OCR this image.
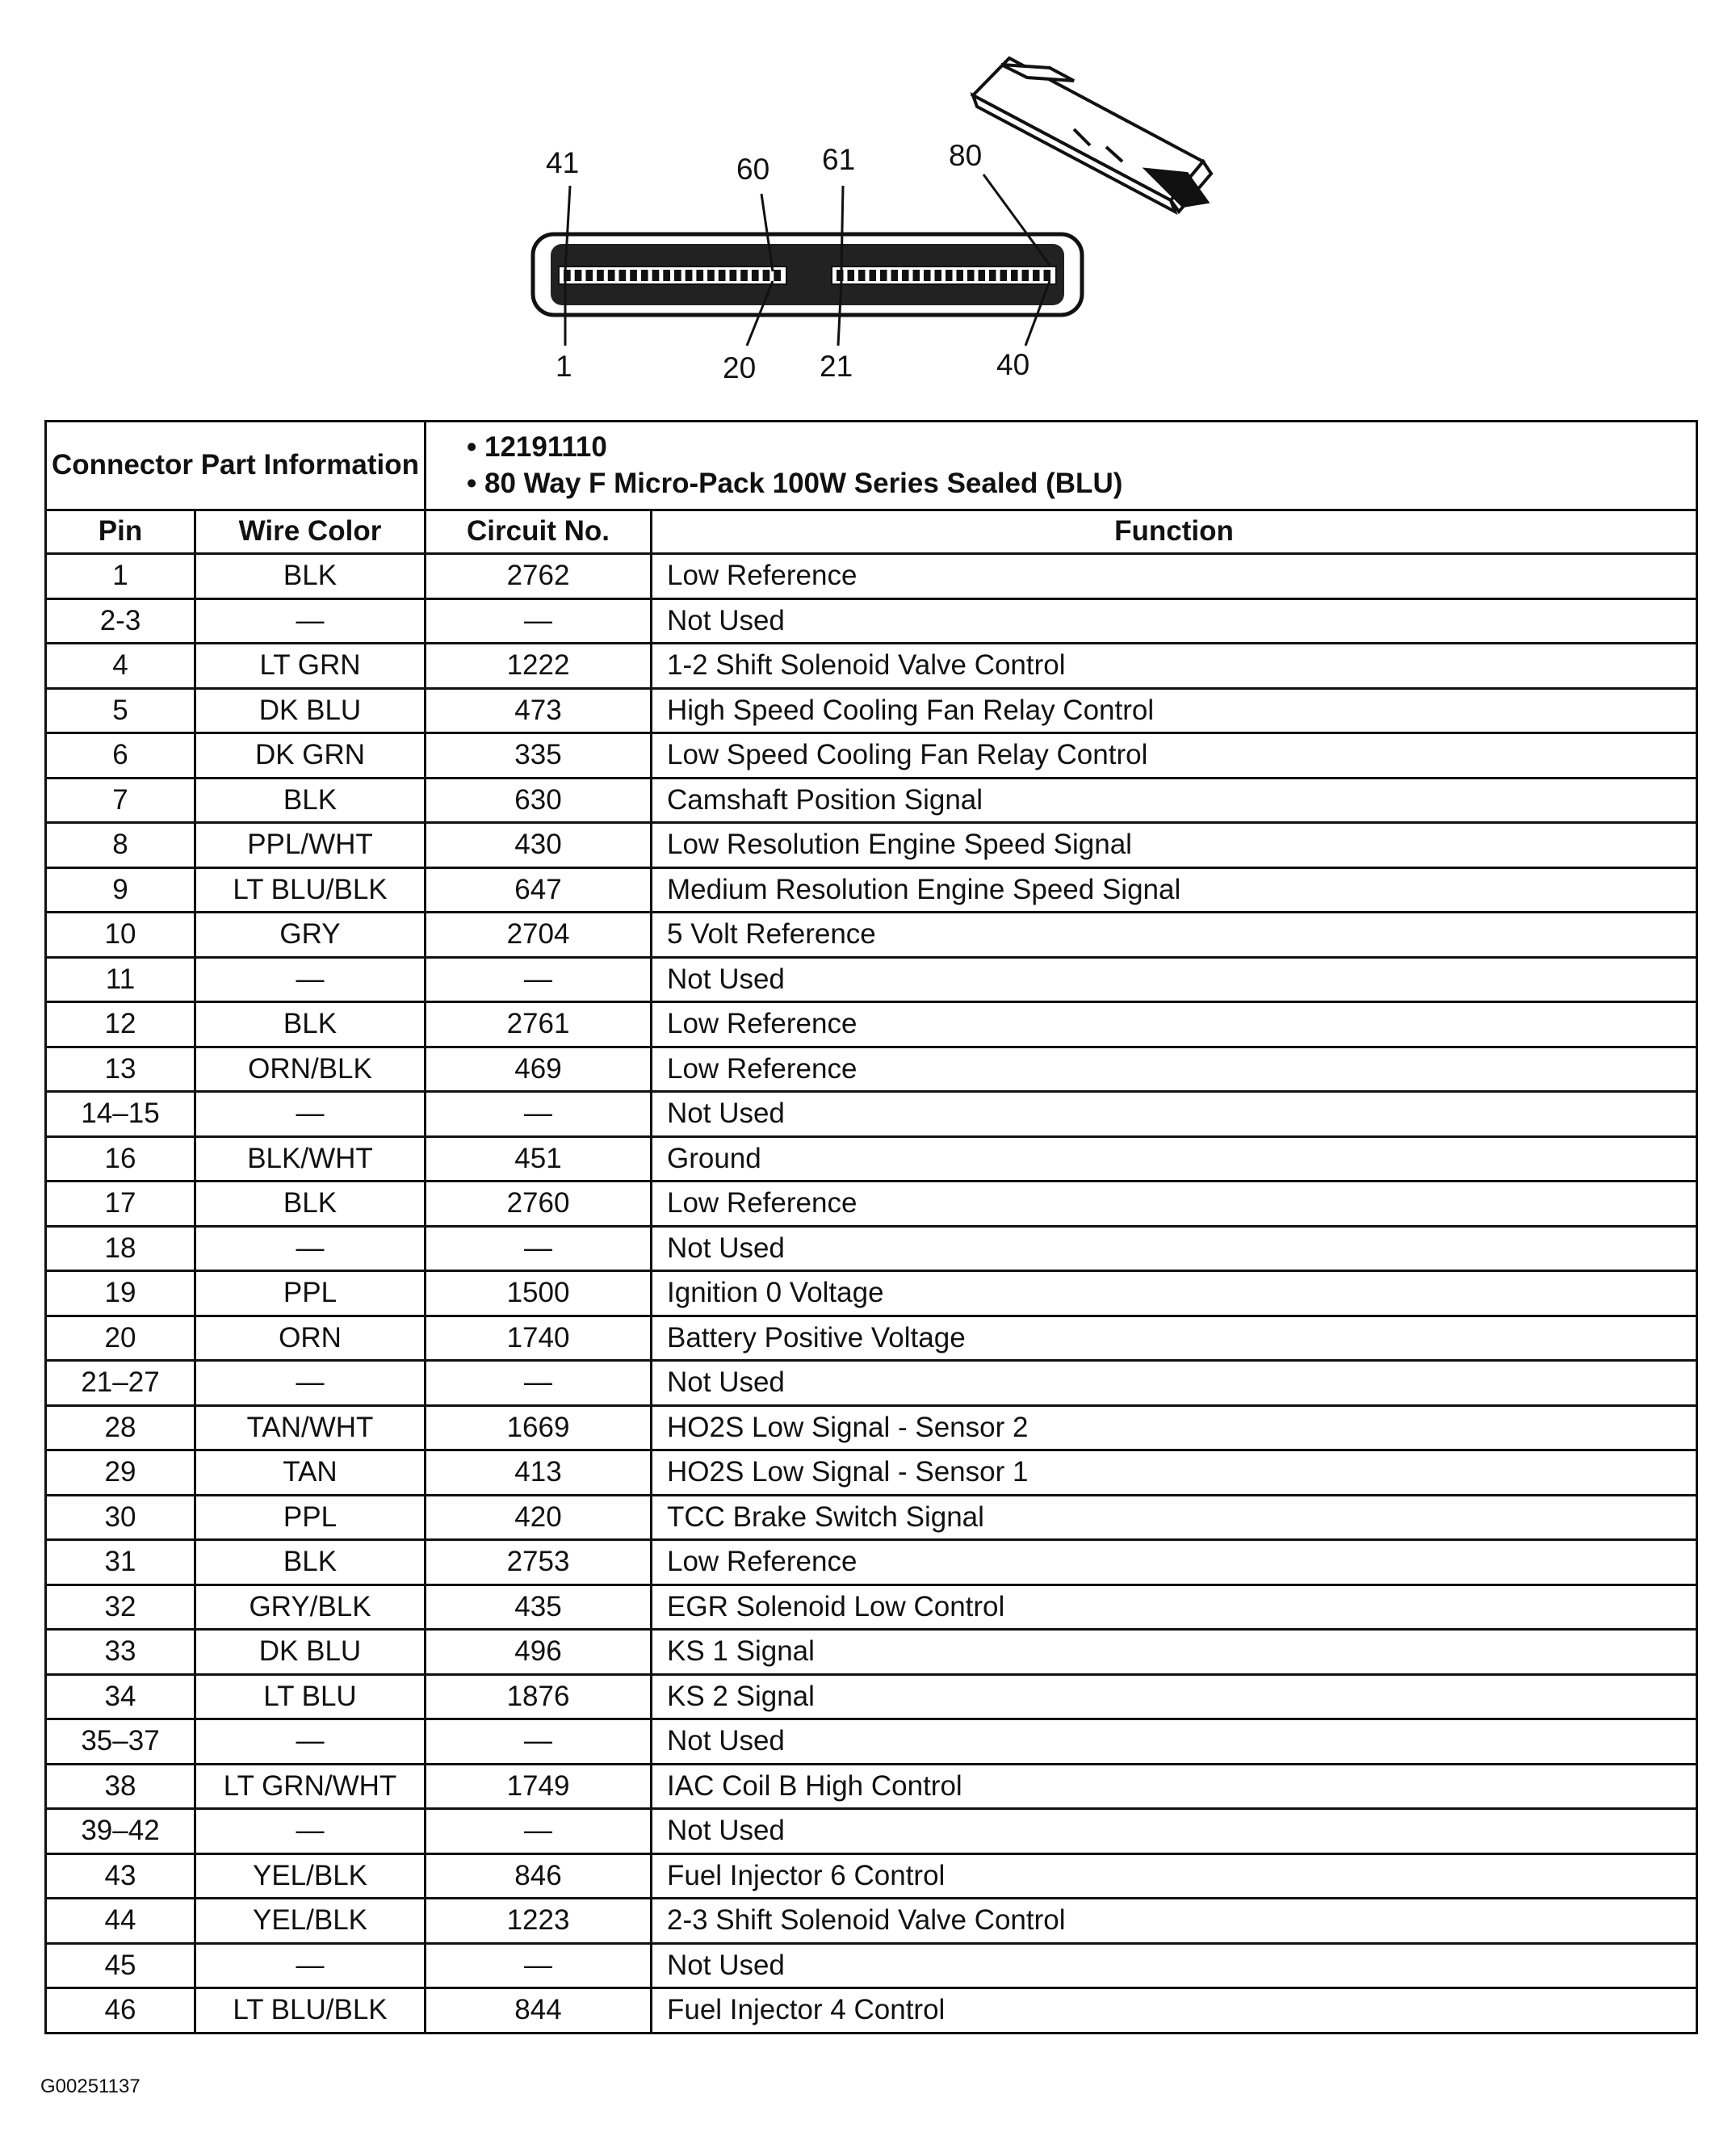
41	60 61	80
1	20 21	40
Connector Part Information		• 12191110
• 80 Way F Micro-Pack 100W Series Sealed (BLU)	

Pin	Wire Color	Circuit No.	Function
1	BLK	2762	Low Reference
2-3	—	—	Not Used
4	LT GRN	1222	1-2 Shift Solenoid Valve Control
5	DK BLU	473	High Speed Cooling Fan Relay Control
6	DK GRN	335	Low Speed Cooling Fan Relay Control
7	BLK	630	Camshaft Position Signal
8	PPL/WHT	430	Low Resolution Engine Speed Signal
9	LT BLU/BLK	647	Medium Resolution Engine Speed Signal
10	GRY	2704	5 Volt Reference
11	—	—	Not Used
12	BLK	2761	Low Reference
13	ORN/BLK	469	Low Reference
14–15	—	—	Not Used
16	BLK/WHT	451	Ground
17	BLK	2760	Low Reference
18	—	—	Not Used
19	PPL	1500	Ignition 0 Voltage
20	ORN	1740	Battery Positive Voltage
21–27	—	—	Not Used
28	TAN/WHT	1669	HO2S Low Signal - Sensor 2
29	TAN	413	HO2S Low Signal - Sensor 1
30	PPL	420	TCC Brake Switch Signal
31	BLK	2753	Low Reference
32	GRY/BLK	435	EGR Solenoid Low Control
33	DK BLU	496	KS 1 Signal
34	LT BLU	1876	KS 2 Signal
35–37	—	—	Not Used
38	LT GRN/WHT	1749	IAC Coil B High Control
39–42	—	—	Not Used
43	YEL/BLK	846	Fuel Injector 6 Control
44	YEL/BLK	1223	2-3 Shift Solenoid Valve Control
45	—	—	Not Used
46	LT BLU/BLK	844	Fuel Injector 4 Control
G00251137
